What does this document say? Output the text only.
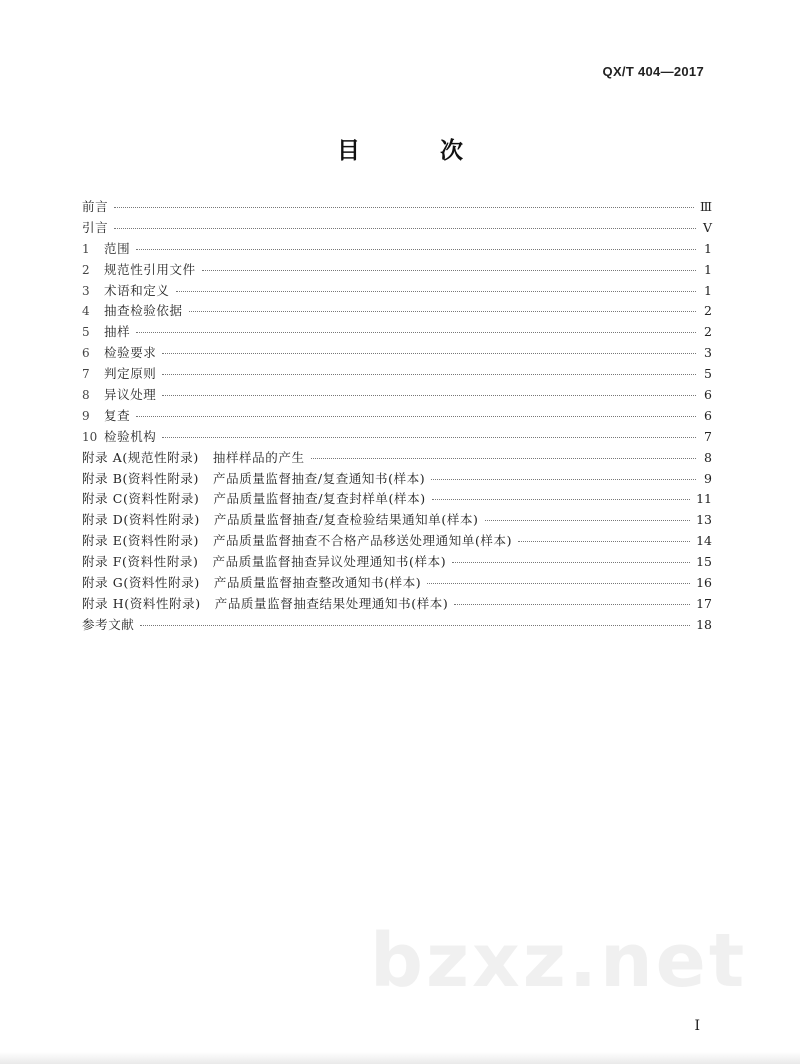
QX/T 404—2017
目 次
前言	Ⅲ
引言	Ⅴ
1	范围	1
2	规范性引用文件	1
3	术语和定义	1
4	抽查检验依据	2
5	抽样	2
6	检验要求	3
7	判定原则	5
8	异议处理	6
9	复查	6
10 检验机构	7
附录 A(规范性附录) 抽样样品的产生	8
附录 B(资料性附录) 产品质量监督抽查/复查通知书(样本)	9
附录 C(资料性附录) 产品质量监督抽查/复查封样单(样本)	11
附录 D(资料性附录) 产品质量监督抽查/复查检验结果通知单(样本)	13
附录 E(资料性附录) 产品质量监督抽查不合格产品移送处理通知单(样本)	14
附录 F(资料性附录) 产品质量监督抽查异议处理通知书(样本)	15
附录 G(资料性附录) 产品质量监督抽查整改通知书(样本)	16
附录 H(资料性附录) 产品质量监督抽查结果处理通知书(样本)	17
参考文献	18
I
bzxz.net
